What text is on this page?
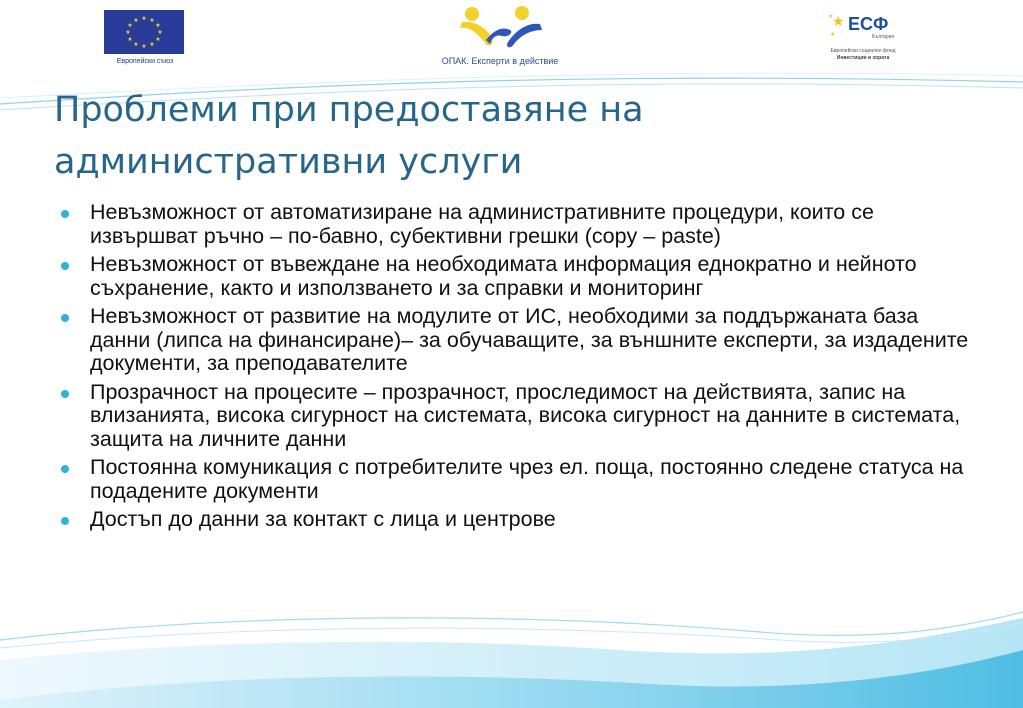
★ ★
★
★
★
★
★
★
★
★
★
★
Европейски съюз	ОПАК. Експерти в действие
★
★
★
ЕСФ
България
Европейски социален фонд
Инвестиции в хората
Проблеми при предоставяне на
административни услуги
Невъзможност от автоматизиране на административните процедури, които се извършват ръчно – по-бавно, субективни грешки (copy – paste)
Невъзможност от въвеждане на необходимата информация еднократно и нейното съхранение, както и използването и за справки и мониторинг
Невъзможност от развитие на модулите от ИС, необходими за поддържаната база данни (липса на финансиране)– за обучаващите, за външните експерти, за издадените документи, за преподавателите
Прозрачност на процесите – прозрачност, проследимост на действията, запис на влизанията, висока сигурност на системата, висока сигурност на данните в системата, защита на личните данни
Постоянна комуникация с потребителите чрез ел. поща, постоянно следене статуса на подадените документи
Достъп до данни за контакт с лица и центрове
